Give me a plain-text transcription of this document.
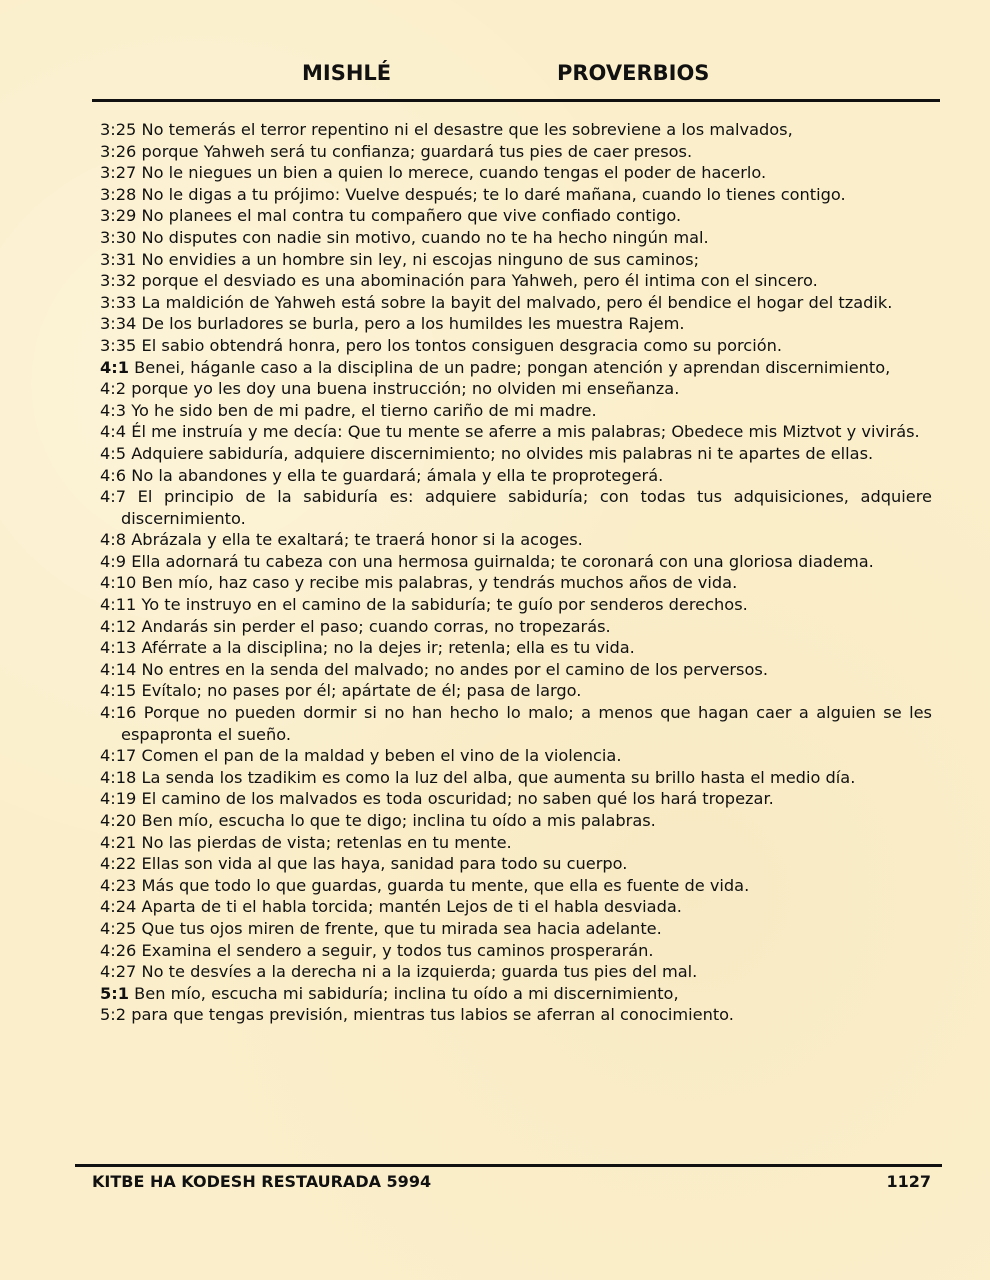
MISHLÉ	PROVERBIOS

3:25 No temerás el terror repentino ni el desastre que les sobreviene a los malvados,

3:26 porque Yahweh será tu confianza; guardará tus pies de caer presos.

3:27 No le niegues un bien a quien lo merece, cuando tengas el poder de hacerlo.

3:28 No le digas a tu prójimo: Vuelve después; te lo daré mañana, cuando lo tienes contigo.

3:29 No planees el mal contra tu compañero que vive confiado contigo.

3:30 No disputes con nadie sin motivo, cuando no te ha hecho ningún mal.

3:31 No envidies a un hombre sin ley, ni escojas ninguno de sus caminos;

3:32 porque el desviado es una abominación para Yahweh, pero él intima con el sincero.

3:33 La maldición de Yahweh está sobre la bayit del malvado, pero él bendice el hogar del tzadik.

3:34 De los burladores se burla, pero a los humildes les muestra Rajem.

3:35 El sabio obtendrá honra, pero los tontos consiguen desgracia como su porción.

4:1 Benei, háganle caso a la disciplina de un padre; pongan atención y aprendan discernimiento,

4:2 porque yo les doy una buena instrucción; no olviden mi enseñanza.

4:3 Yo he sido ben de mi padre, el tierno cariño de mi madre.

4:4 Él me instruía y me decía: Que tu mente se aferre a mis palabras; Obedece mis Miztvot y vivirás.

4:5 Adquiere sabiduría, adquiere discernimiento; no olvides mis palabras ni te apartes de ellas.

4:6 No la abandones y ella te guardará; ámala y ella te proprotegerá.

4:7 El principio de la sabiduría es: adquiere sabiduría; con todas tus adquisiciones, adquiere discernimiento.

4:8 Abrázala y ella te exaltará; te traerá honor si la acoges.

4:9 Ella adornará tu cabeza con una hermosa guirnalda; te coronará con una gloriosa diadema.

4:10 Ben mío, haz caso y recibe mis palabras, y tendrás muchos años de vida.

4:11 Yo te instruyo en el camino de la sabiduría; te guío por senderos derechos.

4:12 Andarás sin perder el paso; cuando corras, no tropezarás.

4:13 Aférrate a la disciplina; no la dejes ir; retenla; ella es tu vida.

4:14 No entres en la senda del malvado; no andes por el camino de los perversos.

4:15 Evítalo; no pases por él; apártate de él; pasa de largo.

4:16 Porque no pueden dormir si no han hecho lo malo; a menos que hagan caer a alguien se les espapronta el sueño.

4:17 Comen el pan de la maldad y beben el vino de la violencia.

4:18 La senda los tzadikim es como la luz del alba, que aumenta su brillo hasta el medio día.

4:19 El camino de los malvados es toda oscuridad; no saben qué los hará tropezar.

4:20 Ben mío, escucha lo que te digo; inclina tu oído a mis palabras.

4:21 No las pierdas de vista; retenlas en tu mente.

4:22 Ellas son vida al que las haya, sanidad para todo su cuerpo.

4:23 Más que todo lo que guardas, guarda tu mente, que ella es fuente de vida.

4:24 Aparta de ti el habla torcida; mantén Lejos de ti el habla desviada.

4:25 Que tus ojos miren de frente, que tu mirada sea hacia adelante.

4:26 Examina el sendero a seguir, y todos tus caminos prosperarán.

4:27 No te desvíes a la derecha ni a la izquierda; guarda tus pies del mal.

5:1 Ben mío, escucha mi sabiduría; inclina tu oído a mi discernimiento,

5:2 para que tengas previsión, mientras tus labios se aferran al conocimiento.

KITBE HA KODESH RESTAURADA 5994	1127
